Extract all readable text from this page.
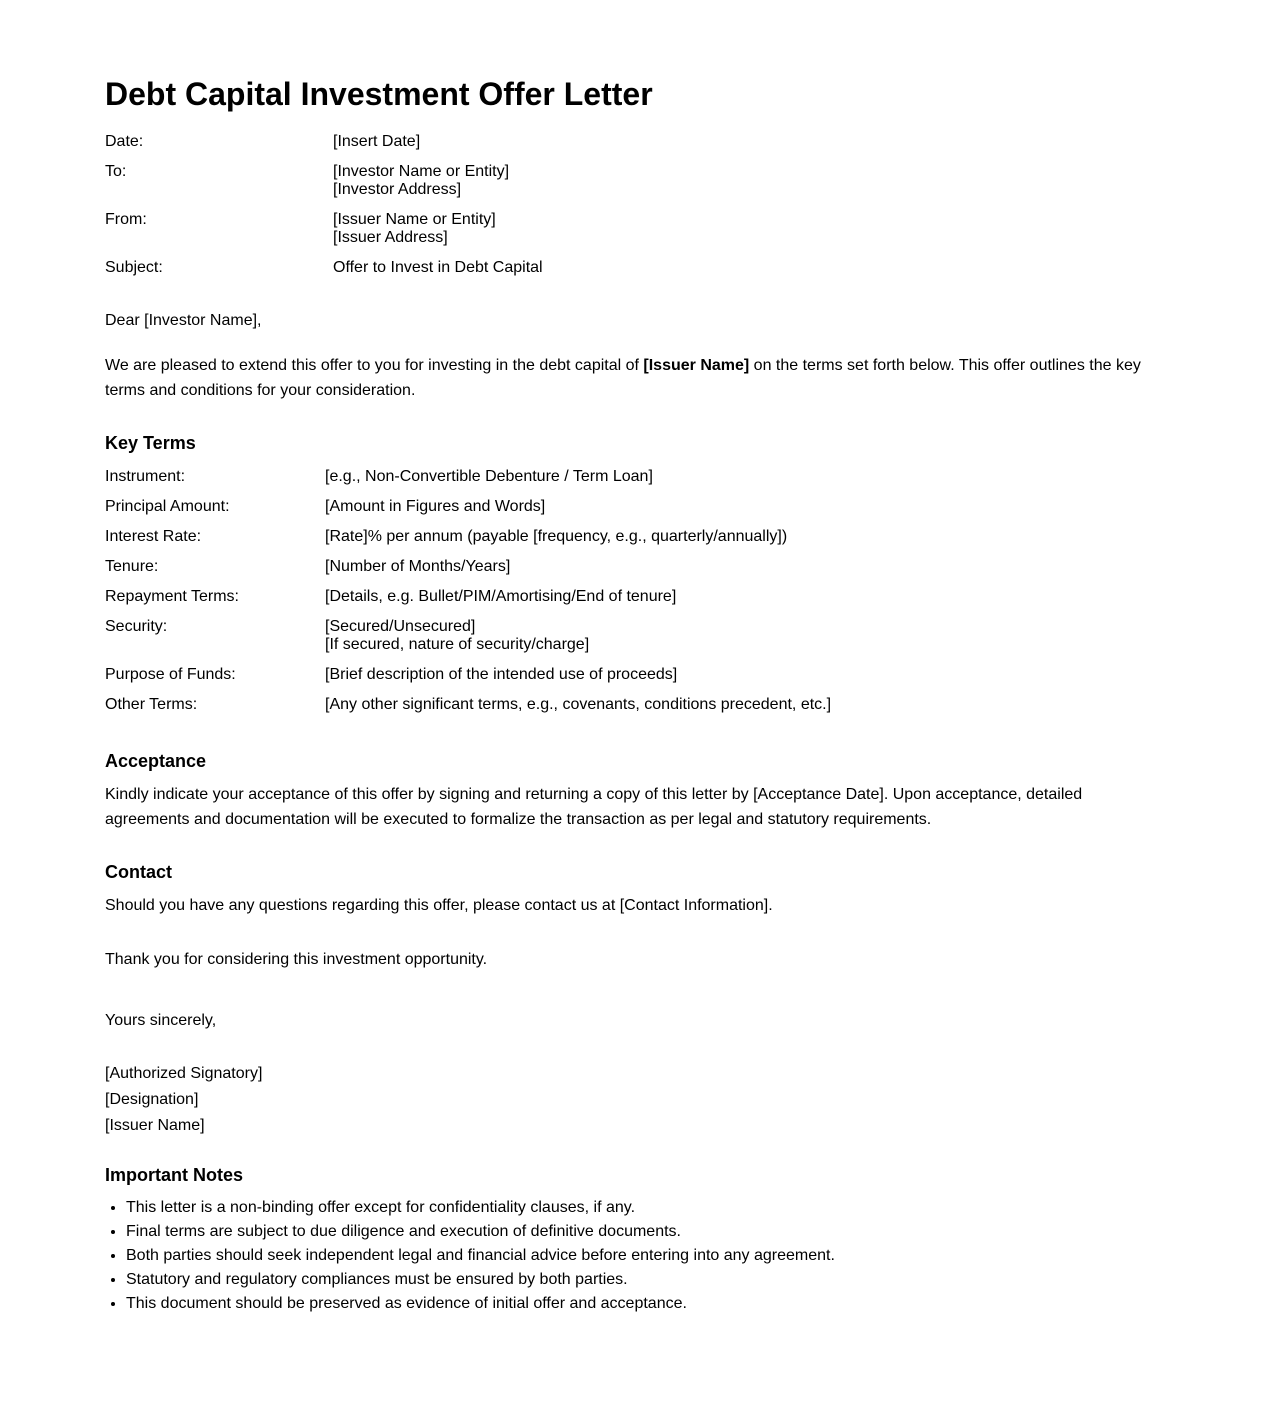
Debt Capital Investment Offer Letter
Date:	[Insert Date]
To:	[Investor Name or Entity]
[Investor Address]
From:	[Issuer Name or Entity]
[Issuer Address]
Subject:	Offer to Invest in Debt Capital

Dear [Investor Name],

We are pleased to extend this offer to you for investing in the debt capital of [Issuer Name] on the terms set forth below. This offer outlines the key terms and conditions for your consideration.

Key Terms
Instrument:	[e.g., Non-Convertible Debenture / Term Loan]
Principal Amount:	[Amount in Figures and Words]
Interest Rate:	[Rate]% per annum (payable [frequency, e.g., quarterly/annually])
Tenure:	[Number of Months/Years]
Repayment Terms:	[Details, e.g. Bullet/PIM/Amortising/End of tenure]
Security:	[Secured/Unsecured]
[If secured, nature of security/charge]
Purpose of Funds:	[Brief description of the intended use of proceeds]
Other Terms:	[Any other significant terms, e.g., covenants, conditions precedent, etc.]
Acceptance

Kindly indicate your acceptance of this offer by signing and returning a copy of this letter by [Acceptance Date]. Upon acceptance, detailed agreements and documentation will be executed to formalize the transaction as per legal and statutory requirements.

Contact

Should you have any questions regarding this offer, please contact us at [Contact Information].

Thank you for considering this investment opportunity.

Yours sincerely,

[Authorized Signatory]
[Designation]
[Issuer Name]
Important Notes
• This letter is a non-binding offer except for confidentiality clauses, if any.
• Final terms are subject to due diligence and execution of definitive documents.
• Both parties should seek independent legal and financial advice before entering into any agreement.
• Statutory and regulatory compliances must be ensured by both parties.
• This document should be preserved as evidence of initial offer and acceptance.
